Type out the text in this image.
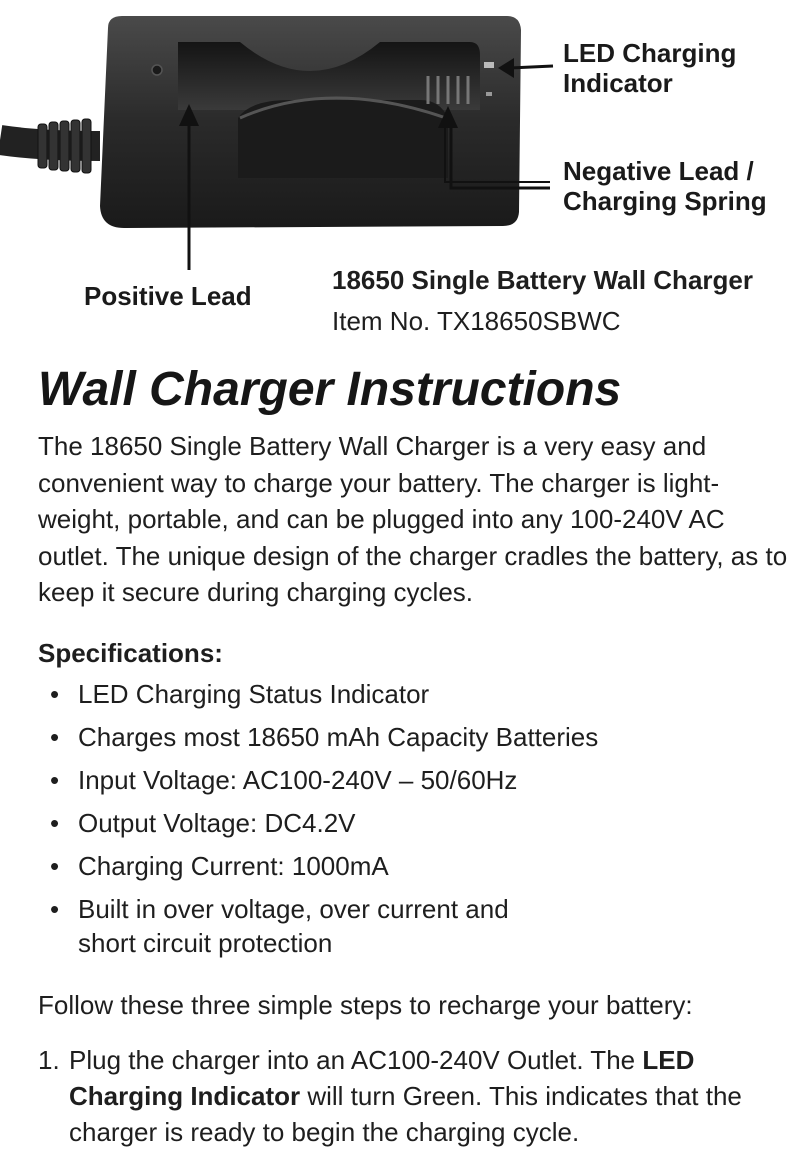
LED Charging
Indicator
Negative Lead /
Charging Spring
Positive Lead
18650 Single Battery Wall Charger
Item No. TX18650SBWC
Wall Charger Instructions

The 18650 Single Battery Wall Charger is a very easy and convenient way to charge your battery. The charger is light-weight, portable, and can be plugged into any 100-240V AC outlet. The unique design of the charger cradles the battery, as to keep it secure during charging cycles.

Specifications:
• LED Charging Status Indicator
• Charges most 18650 mAh Capacity Batteries
• Input Voltage: AC100-240V – 50/60Hz
• Output Voltage: DC4.2V
• Charging Current: 1000mA
• Built in over voltage, over current and
short circuit protection
Follow these three simple steps to recharge your battery:
1. Plug the charger into an AC100-240V Outlet. The LED
Charging Indicator will turn Green. This indicates that the
charger is ready to begin the charging cycle.
